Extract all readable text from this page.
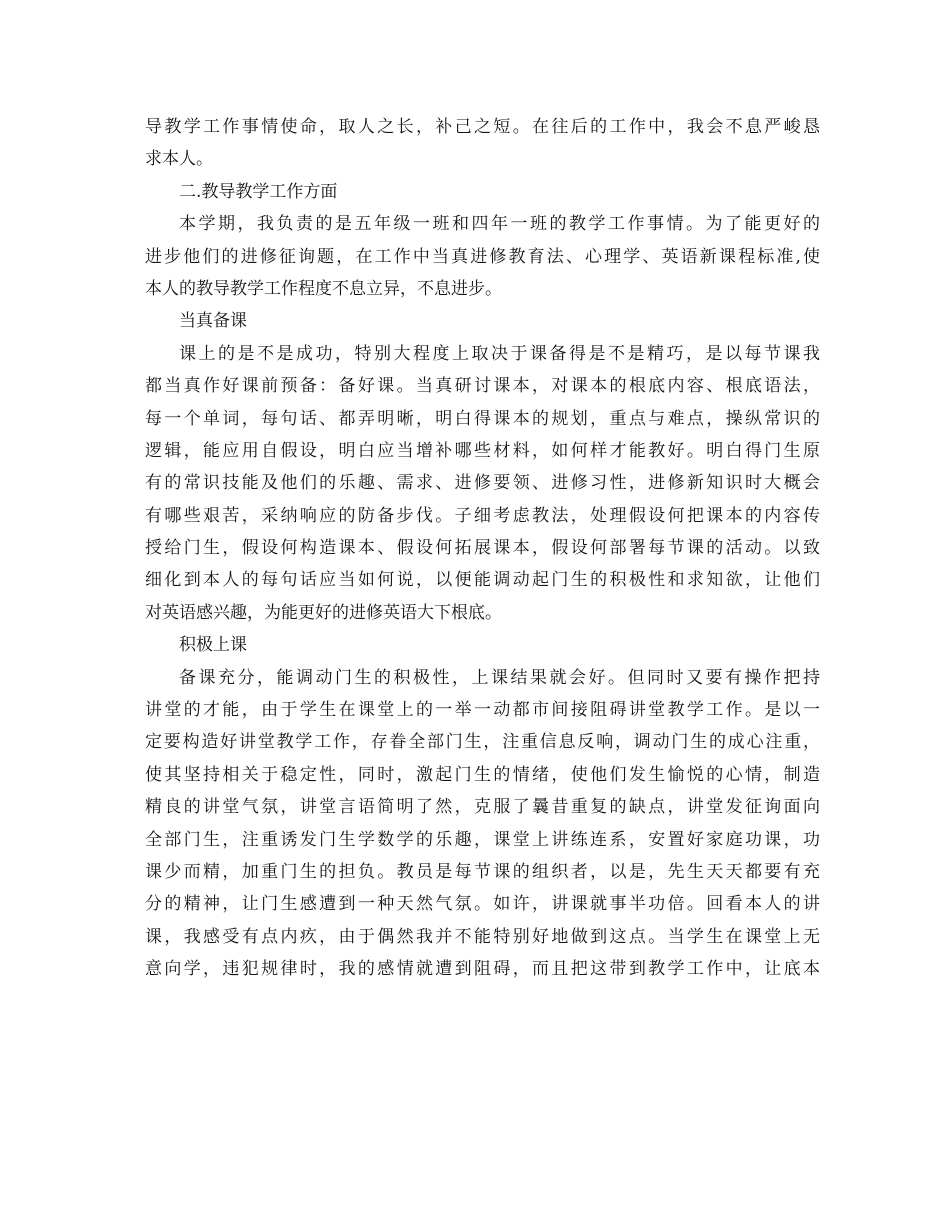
导教学工作事情使命，取人之长，补己之短。在往后的工作中，我会不息严峻恳
求本人。
二.教导教学工作方面
本学期，我负责的是五年级一班和四年一班的教学工作事情。为了能更好的
进步他们的进修征询题，在工作中当真进修教育法、心理学、英语新课程标准,使
本人的教导教学工作程度不息立异，不息进步。
当真备课
课上的是不是成功，特别大程度上取决于课备得是不是精巧，是以每节课我
都当真作好课前预备：备好课。当真研讨课本，对课本的根底内容、根底语法，
每一个单词，每句话、都弄明晰，明白得课本的规划，重点与难点，操纵常识的
逻辑，能应用自假设，明白应当增补哪些材料，如何样才能教好。明白得门生原
有的常识技能及他们的乐趣、需求、进修要领、进修习性，进修新知识时大概会
有哪些艰苦，采纳响应的防备步伐。子细考虑教法，处理假设何把课本的内容传
授给门生，假设何构造课本、假设何拓展课本，假设何部署每节课的活动。以致
细化到本人的每句话应当如何说，以便能调动起门生的积极性和求知欲，让他们
对英语感兴趣，为能更好的进修英语大下根底。
积极上课
备课充分，能调动门生的积极性，上课结果就会好。但同时又要有操作把持
讲堂的才能，由于学生在课堂上的一举一动都市间接阻碍讲堂教学工作。是以一
定要构造好讲堂教学工作，存眷全部门生，注重信息反响，调动门生的成心注重，
使其坚持相关于稳定性，同时，激起门生的情绪，使他们发生愉悦的心情，制造
精良的讲堂气氛，讲堂言语简明了然，克服了曩昔重复的缺点，讲堂发征询面向
全部门生，注重诱发门生学数学的乐趣，课堂上讲练连系，安置好家庭功课，功
课少而精，加重门生的担负。教员是每节课的组织者，以是，先生天天都要有充
分的精神，让门生感遭到一种天然气氛。如许，讲课就事半功倍。回看本人的讲
课，我感受有点内疚，由于偶然我并不能特别好地做到这点。当学生在课堂上无
意向学，违犯规律时，我的感情就遭到阻碍，而且把这带到教学工作中，让底本
